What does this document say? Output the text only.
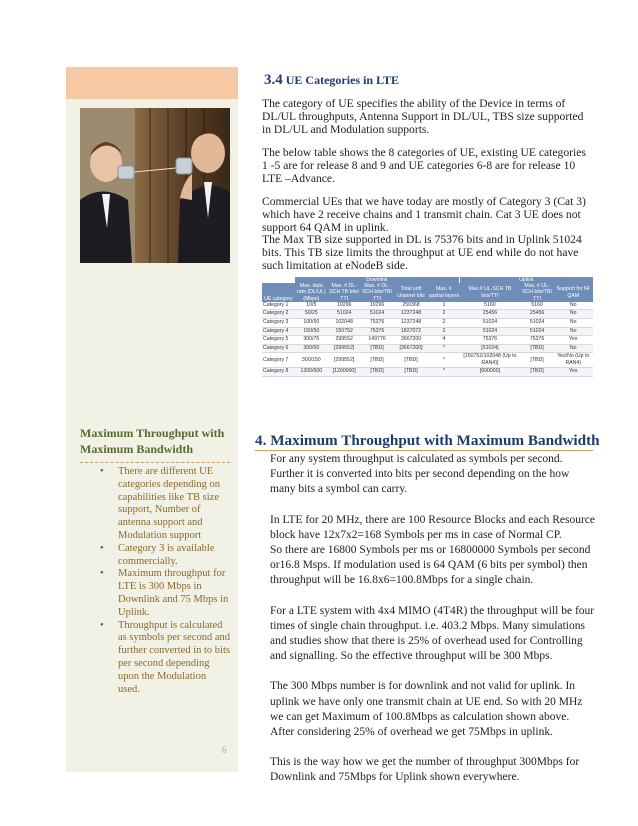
Maximum Throughput with Maximum Bandwidth
• There are different UE categories depending on capabilities like TB size support, Number of antenna support and Modulation support
• Category 3 is available commercially.
• Maximum throughput for LTE is 300 Mbps in Downlink and 75 Mbps in Uplink.
• Throughput is calculated as symbols per second and further converted in to bits per second depending upon the Modulation used.
6
3.4 UE Categories in LTE

The category of UE specifies the ability of the Device in terms of DL/UL throughputs, Antenna Support in DL/UL, TBS size supported in DL/UL and Modulation supports.

The below table shows the 8 categories of UE, existing UE categories 1 -5 are for release 8 and 9 and UE categories 6-8 are for release 10 LTE –Advance.

Commercial UEs that we have today are mostly of Category 3 (Cat 3) which have 2 receive chains and 1 transmit chain. Cat 3 UE does not support 64 QAM in uplink.
The Max TB size supported in DL is 75376 bits and in Uplink 51024 bits. This TB size limits the throughput at UE end while do not have such limitation at eNodeB side.

	Downlink					Uplink		
UE category	Max. data rate (DL/UL) (Mbps)	Max. # DL-SCH TB bits/ TTI	Max. # DL-SCH bits/TB/ TTI	Total soft channel bits	Max. # spatial layers	Max.# UL-SCH TB bits/TTI	Max. # UL-SCH bits/TB/ TTI	Support for 64 QAM
Category 1	10/5	10296	10296	250368	1	5160	5160	No
Category 2	50/25	51024	51024	1237248	2	25456	25456	No
Category 3	100/50	102048	75376	1237248	2	51024	51024	No
Category 4	150/50	150752	75376	1827072	2	51024	51024	No
Category 5	300/75	299552	149776	3667200	4	75376	75376	Yes
Category 6	300/50	[299552]	[TBD]	[3667200]	*	[51024]	[TBD]	No
Category 7	300/150	[299552]	[TBD]	[TBD]	*	[150752/102048 (Up to RAN4)]	[TBD]	Yes/No (Up to RAN4)
Category 8	1200/600	[1200000]	[TBD]	[TBD]	*	[600000]	[TBD]	Yes
4. Maximum Throughput with Maximum Bandwidth

For any system throughput is calculated as symbols per second. Further it is converted into bits per second depending on the how many bits a symbol can carry.

In LTE for 20 MHz, there are 100 Resource Blocks and each Resource block have 12x7x2=168 Symbols per ms in case of Normal CP.
So there are 16800 Symbols per ms or 16800000 Symbols per second or16.8 Msps. If modulation used is 64 QAM (6 bits per symbol) then throughput will be 16.8x6=100.8Mbps for a single chain.

For a LTE system with 4x4 MIMO (4T4R) the throughput will be four times of single chain throughput. i.e. 403.2 Mbps. Many simulations and studies show that there is 25% of overhead used for Controlling and signalling. So the effective throughput will be 300 Mbps.

The 300 Mbps number is for downlink and not valid for uplink. In uplink we have only one transmit chain at UE end. So with 20 MHz we can get Maximum of 100.8Mbps as calculation shown above. After considering 25% of overhead we get 75Mbps in uplink.

This is the way how we get the number of throughput 300Mbps for Downlink and 75Mbps for Uplink shown everywhere.
